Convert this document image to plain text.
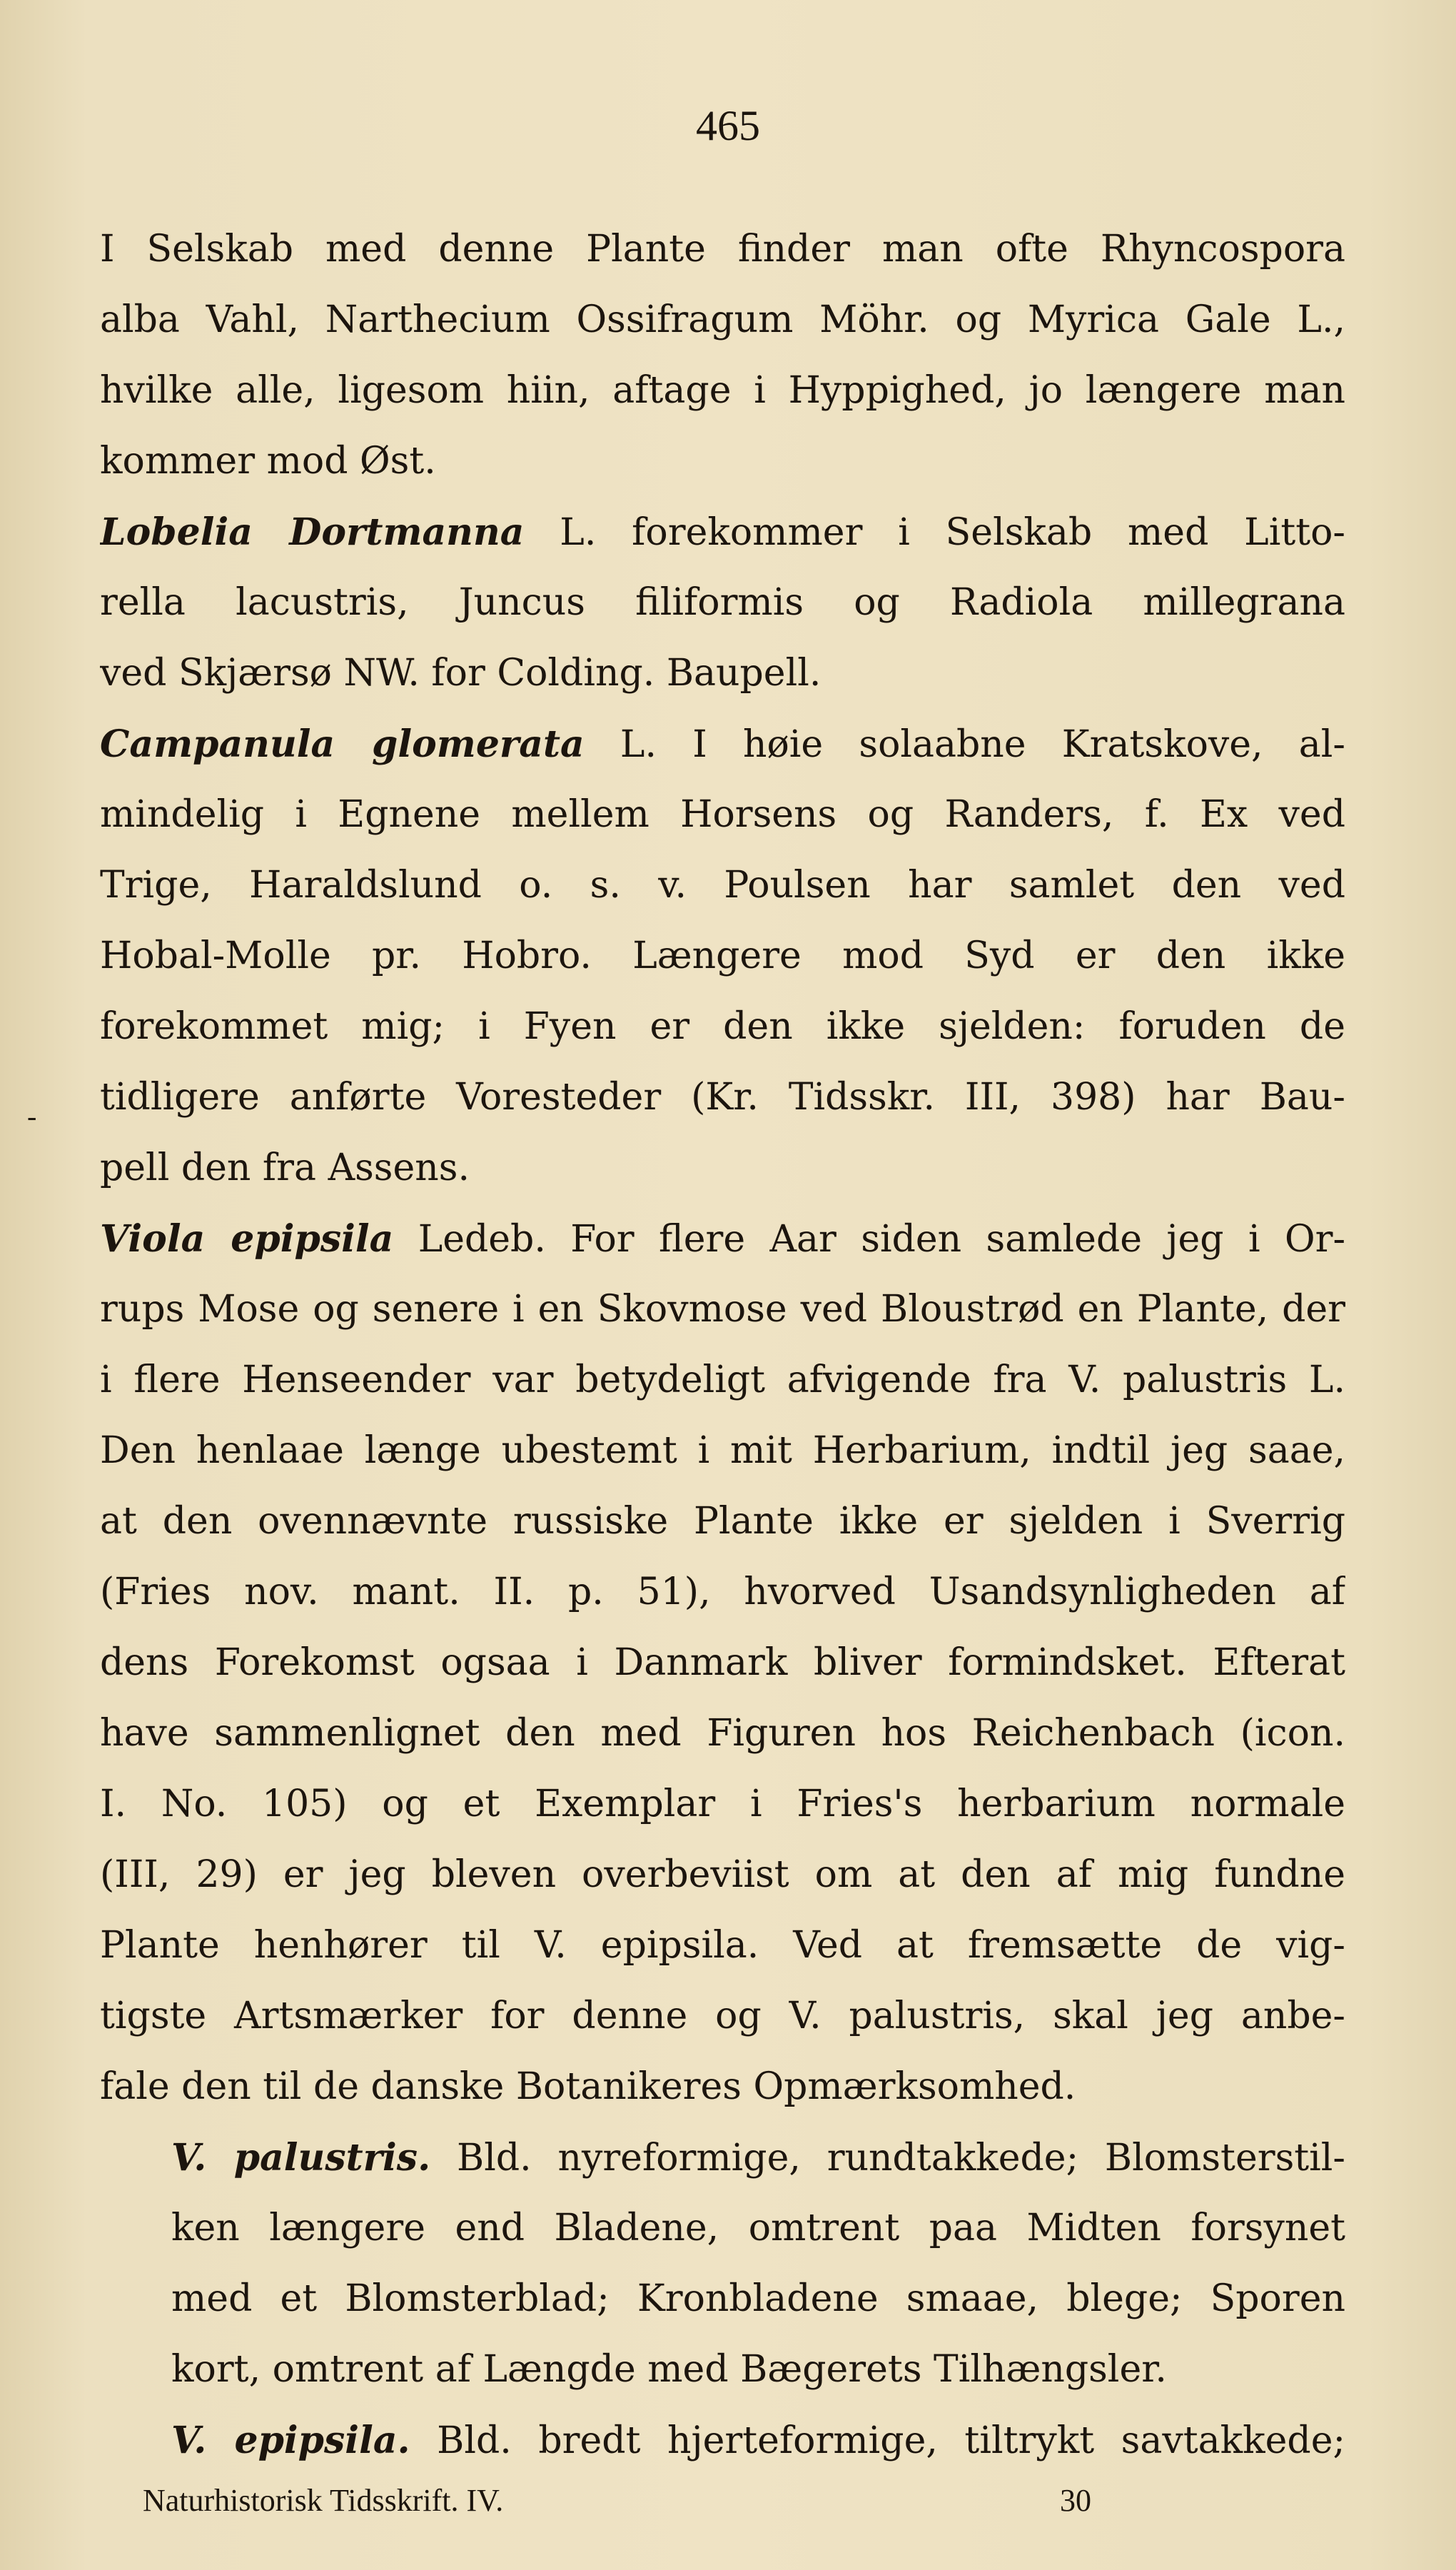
465
-
I Selskab med denne Plante finder man ofte Rhyncospora
alba Vahl, Narthecium Ossifragum Möhr. og Myrica Gale L.,
hvilke alle, ligesom hiin, aftage i Hyppighed, jo længere man
kommer mod Øst.
Lobelia Dortmanna L. forekommer i Selskab med Litto-
rella lacustris, Juncus filiformis og Radiola millegrana
ved Skjærsø NW. for Colding. Baupell.
Campanula glomerata L. I høie solaabne Kratskove, al-
mindelig i Egnene mellem Horsens og Randers, f. Ex ved
Trige, Haraldslund o. s. v. Poulsen har samlet den ved
Hobal-Molle pr. Hobro. Længere mod Syd er den ikke
forekommet mig; i Fyen er den ikke sjelden: foruden de
tidligere anførte Voresteder (Kr. Tidsskr. III, 398) har Bau-
pell den fra Assens.
Viola epipsila Ledeb. For flere Aar siden samlede jeg i Or-
rups Mose og senere i en Skovmose ved Bloustrød en Plante, der
i flere Henseender var betydeligt afvigende fra V. palustris L.
Den henlaae længe ubestemt i mit Herbarium, indtil jeg saae,
at den ovennævnte russiske Plante ikke er sjelden i Sverrig
(Fries nov. mant. II. p. 51), hvorved Usandsynligheden af
dens Forekomst ogsaa i Danmark bliver formindsket. Efterat
have sammenlignet den med Figuren hos Reichenbach (icon.
I. No. 105) og et Exemplar i Fries's herbarium normale
(III, 29) er jeg bleven overbeviist om at den af mig fundne
Plante henhører til V. epipsila. Ved at fremsætte de vig-
tigste Artsmærker for denne og V. palustris, skal jeg anbe-
fale den til de danske Botanikeres Opmærksomhed.
V. palustris. Bld. nyreformige, rundtakkede; Blomsterstil-
ken længere end Bladene, omtrent paa Midten forsynet
med et Blomsterblad; Kronbladene smaae, blege; Sporen
kort, omtrent af Længde med Bægerets Tilhængsler.
V. epipsila. Bld. bredt hjerteformige, tiltrykt savtakkede;
Naturhistorisk Tidsskrift. IV.	30
